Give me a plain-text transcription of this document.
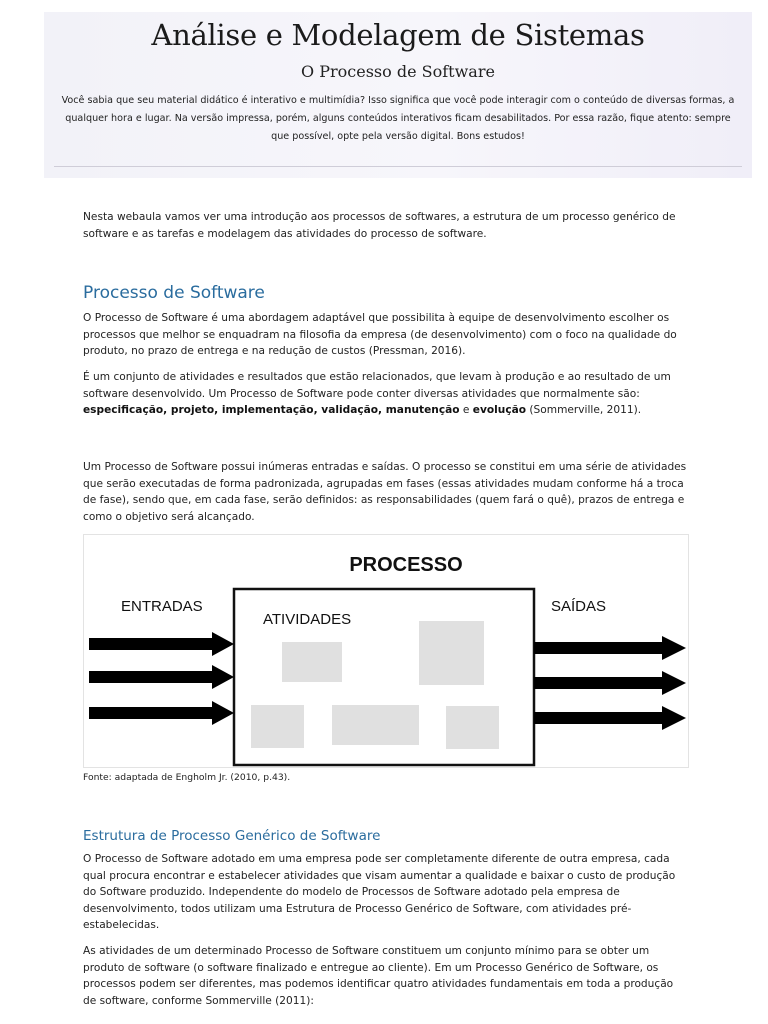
Análise e Modelagem de Sistemas
O Processo de Software
Você sabia que seu material didático é interativo e multimídia? Isso significa que você pode interagir com o conteúdo de diversas formas, a qualquer hora e lugar. Na versão impressa, porém, alguns conteúdos interativos ficam desabilitados. Por essa razão, fique atento: sempre que possível, opte pela versão digital. Bons estudos!

Nesta webaula vamos ver uma introdução aos processos de softwares, a estrutura de um processo genérico de software e as tarefas e modelagem das atividades do processo de software.

Processo de Software

O Processo de Software é uma abordagem adaptável que possibilita à equipe de desenvolvimento escolher os processos que melhor se enquadram na filosofia da empresa (de desenvolvimento) com o foco na qualidade do produto, no prazo de entrega e na redução de custos (Pressman, 2016).

É um conjunto de atividades e resultados que estão relacionados, que levam à produção e ao resultado de um software desenvolvido. Um Processo de Software pode conter diversas atividades que normalmente são: especificação, projeto, implementação, validação, manutenção e evolução (Sommerville, 2011).

Um Processo de Software possui inúmeras entradas e saídas. O processo se constitui em uma série de atividades que serão executadas de forma padronizada, agrupadas em fases (essas atividades mudam conforme há a troca de fase), sendo que, em cada fase, serão definidos: as responsabilidades (quem fará o quê), prazos de entrega e como o objetivo será alcançado.

PROCESSO
ENTRADAS	SAÍDAS
ATIVIDADES

Fonte: adaptada de Engholm Jr. (2010, p.43).

Estrutura de Processo Genérico de Software

O Processo de Software adotado em uma empresa pode ser completamente diferente de outra empresa, cada qual procura encontrar e estabelecer atividades que visam aumentar a qualidade e baixar o custo de produção do Software produzido. Independente do modelo de Processos de Software adotado pela empresa de desenvolvimento, todos utilizam uma Estrutura de Processo Genérico de Software, com atividades pré-estabelecidas.

As atividades de um determinado Processo de Software constituem um conjunto mínimo para se obter um produto de software (o software finalizado e entregue ao cliente). Em um Processo Genérico de Software, os processos podem ser diferentes, mas podemos identificar quatro atividades fundamentais em toda a produção de software, conforme Sommerville (2011):
